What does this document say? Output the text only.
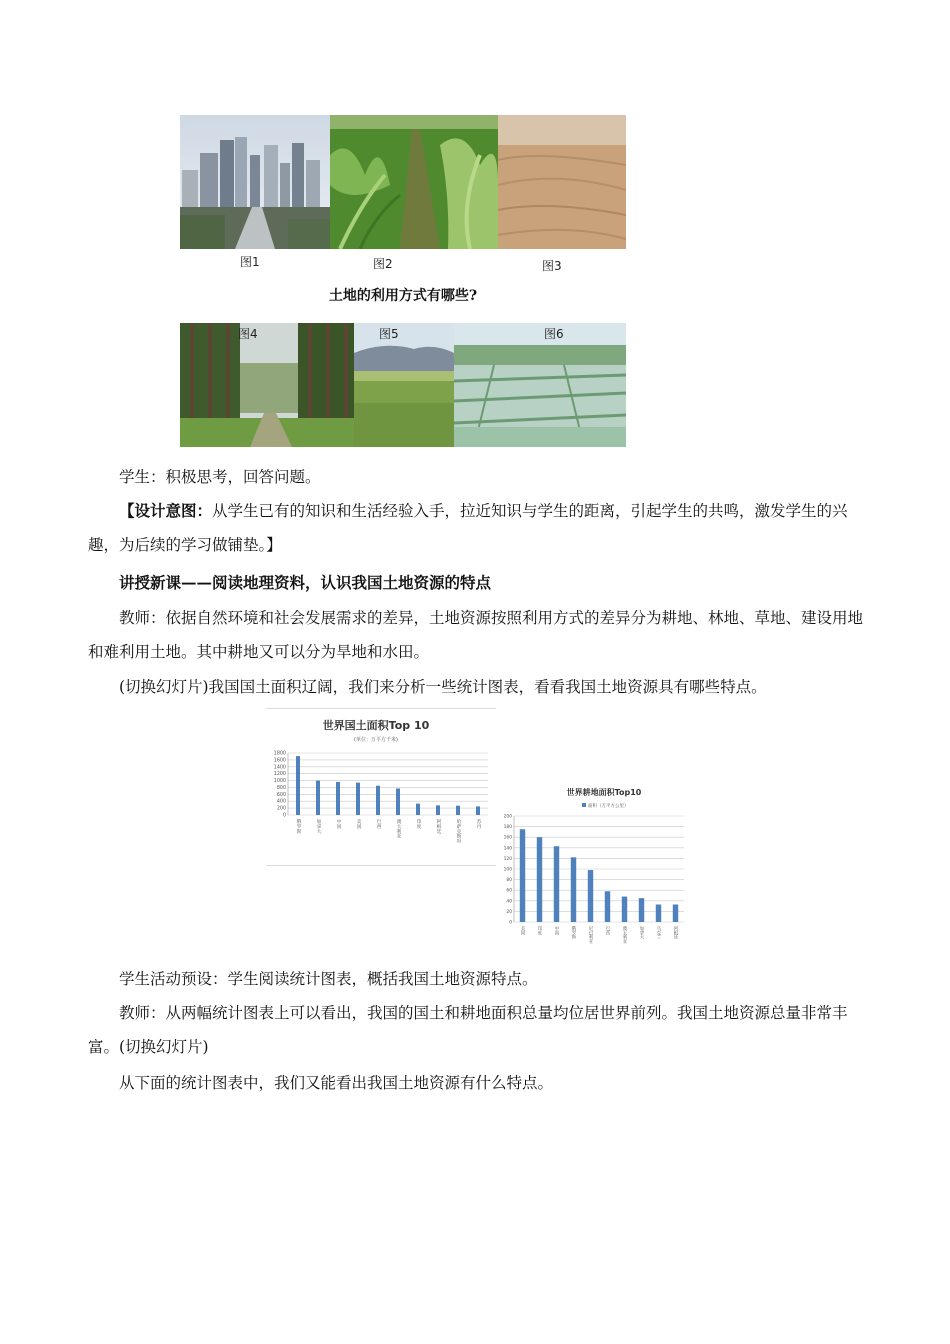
图1	图2	图3
土地的利用方式有哪些?
图4	图5	图6

学生：积极思考，回答问题。

【设计意图：从学生已有的知识和生活经验入手，拉近知识与学生的距离，引起学生的共鸣，激发学生的兴趣，为后续的学习做铺垫。】

讲授新课——阅读地理资料，认识我国土地资源的特点

教师：依据自然环境和社会发展需求的差异，土地资源按照利用方式的差异分为耕地、林地、草地、建设用地和难利用土地。其中耕地又可以分为旱地和水田。

(切换幻灯片)我国国土面积辽阔，我们来分析一些统计图表，看看我国土地资源具有哪些特点。

世界国土面积Top 10
(单位：万平方千米)
0
200
400
600
800
1000
1200
1400
1600
1800
俄罗斯	加拿大	中国	美国	巴西	澳大利亚	印度	阿根廷	哈萨克斯坦	苏丹
世界耕地面积Top10
面积（万平方公里）
0
20
40
60
80
100
120
140
160
180
200
美国	印度	中国	俄罗斯	尼日利亚	巴西	澳大利亚	加拿大	乌克兰	阿根廷

学生活动预设：学生阅读统计图表，概括我国土地资源特点。

教师：从两幅统计图表上可以看出，我国的国土和耕地面积总量均位居世界前列。我国土地资源总量非常丰富。(切换幻灯片)

从下面的统计图表中，我们又能看出我国土地资源有什么特点。
